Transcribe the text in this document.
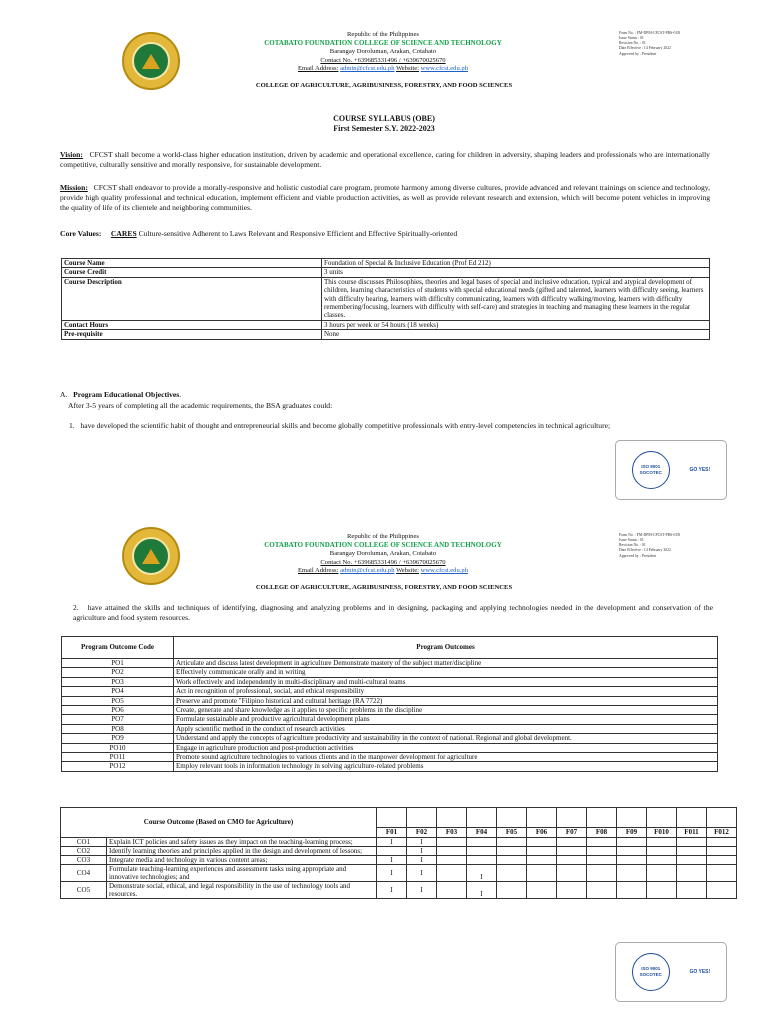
Republic of the Philippines
COTABATO FOUNDATION COLLEGE OF SCIENCE AND TECHNOLOGY
Barangay Doroluman, Arakan, Cotabato
Contact No. +639685331496 / +639670025670
Email Address: admin@cfcst.edu.ph Website: www.cfcst.edu.ph
Form No. : FM-DPM-CFCST-PRS-01B
Issue Status : 01
Revision No. : 01
Date Effective : 14 February 2022
Approved by : President
COLLEGE OF AGRICULTURE, AGRIBUSINESS, FORESTRY, AND FOOD SCIENCES
COURSE SYLLABUS (OBE)
First Semester S.Y. 2022-2023
Vision: CFCST shall become a world-class higher education institution, driven by academic and operational excellence, caring for children in adversity, shaping leaders and professionals who are internationally competitive, culturally sensitive and morally responsive, for sustainable development.
Mission: CFCST shall endeavor to provide a morally-responsive and holistic custodial care program, promote harmony among diverse cultures, provide advanced and relevant trainings on science and technology, provide high quality professional and technical education, implement efficient and viable production activities, as well as provide relevant research and extension, which will become potent vehicles in improving the quality of life of its clientele and neighboring communities.
Core Values: CARES Culture-sensitive Adherent to Laws Relevant and Responsive Efficient and Effective Spiritually-oriented
Course Name	Foundation of Special & Inclusive Education (Prof Ed 212)
Course Credit	3 units
Course Description	This course discusses Philosophies, theories and legal bases of special and inclusive education, typical and atypical development of children, learning characteristics of students with special educational needs (gifted and talented, learners with difficulty seeing, learners with difficulty hearing, learners with difficulty communicating, learners with difficulty walking/moving, learners with difficulty remembering/focusing, learners with difficulty with self-care) and strategies in teaching and managing these learners in the regular classes.
Contact Hours	3 hours per week or 54 hours (18 weeks)
Pre-requisite	None
A. Program Educational Objectives.
After 3-5 years of completing all the academic requirements, the BSA graduates could:
1. have developed the scientific habit of thought and entrepreneurial skills and become globally competitive professionals with entry-level competencies in technical agriculture;
ISO 9001
SOCOTEC	GO YES!
Republic of the Philippines
COTABATO FOUNDATION COLLEGE OF SCIENCE AND TECHNOLOGY
Barangay Doroluman, Arakan, Cotabato
Contact No. +639685331496 / +639670025670
Email Address: admin@cfcst.edu.ph Website: www.cfcst.edu.ph
Form No. : FM-DPM-CFCST-PRS-01B
Issue Status : 01
Revision No. : 01
Date Effective : 14 February 2022
Approved by : President
COLLEGE OF AGRICULTURE, AGRIBUSINESS, FORESTRY, AND FOOD SCIENCES
2. have attained the skills and techniques of identifying, diagnosing and analyzing problems and in designing, packaging and applying technologies needed in the development and conservation of the agriculture and food system resources.
Program Outcome Code	Program Outcomes
PO1	Articulate and discuss latest development in agriculture Demonstrate mastery of the subject matter/discipline
PO2	Effectively communicate orally and in writing
PO3	Work effectively and independently in multi-disciplinary and multi-cultural teams
PO4	Act in recognition of professional, social, and ethical responsibility
PO5	Preserve and promote "Filipino historical and cultural heritage (RA 7722)
PO6	Create, generate and share knowledge as it applies to specific problems in the discipline
PO7	Formulate sustainable and productive agricultural development plans
PO8	Apply scientific method in the conduct of research activities
PO9	Understand and apply the concepts of agriculture productivity and sustainability in the context of national. Regional and global development.
PO10	Engage in agriculture production and post-production activities
PO11	Promote sound agriculture technologies to various clients and in the manpower development for agriculture
PO12	Employ relevant tools in information technology in solving agriculture-related problems
Course Outcome (Based on CMO for Agriculture)													
		F01	F02	F03	F04	F05	F06	F07	F08	F09	F010	F011	F012
CO1	Explain ICT policies and safety issues as they impact on the teaching-learning process;	I	I										
CO2	Identify learning theories and principles applied in the design and development of lessons;		I										
CO3	Integrate media and technology in various content areas;	I	I										
CO4	Formulate teaching-learning experiences and assessment tasks using appropriate and innovative technologies; and	I	I		I								
CO5	Demonstrate social, ethical, and legal responsibility in the use of technology tools and resources.	I	I		I								
ISO 9001
SOCOTEC	GO YES!
